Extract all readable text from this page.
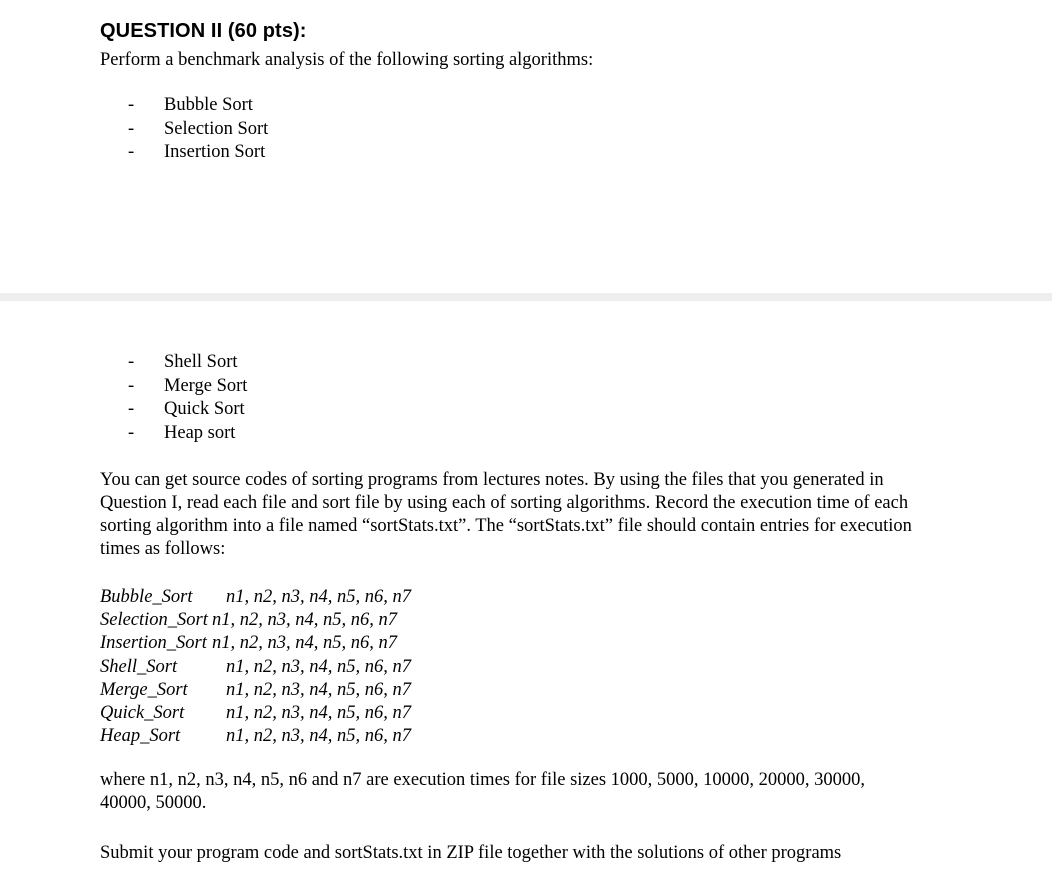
QUESTION II (60 pts):
Perform a benchmark analysis of the following sorting algorithms:
- Bubble Sort
- Selection Sort
- Insertion Sort
- Shell Sort
- Merge Sort
- Quick Sort
- Heap sort

You can get source codes of sorting programs from lectures notes. By using the files that you generated in Question I, read each file and sort file by using each of sorting algorithms. Record the execution time of each sorting algorithm into a file named “sortStats.txt”. The “sortStats.txt” file should contain entries for execution times as follows:

Bubble_Sort n1, n2, n3, n4, n5, n6, n7
Selection_Sort n1, n2, n3, n4, n5, n6, n7
Insertion_Sort n1, n2, n3, n4, n5, n6, n7
Shell_Sort	n1, n2, n3, n4, n5, n6, n7
Merge_Sort n1, n2, n3, n4, n5, n6, n7
Quick_Sort n1, n2, n3, n4, n5, n6, n7
Heap_Sort n1, n2, n3, n4, n5, n6, n7

where n1, n2, n3, n4, n5, n6 and n7 are execution times for file sizes 1000, 5000, 10000, 20000, 30000, 40000, 50000.

Submit your program code and sortStats.txt in ZIP file together with the solutions of other programs
